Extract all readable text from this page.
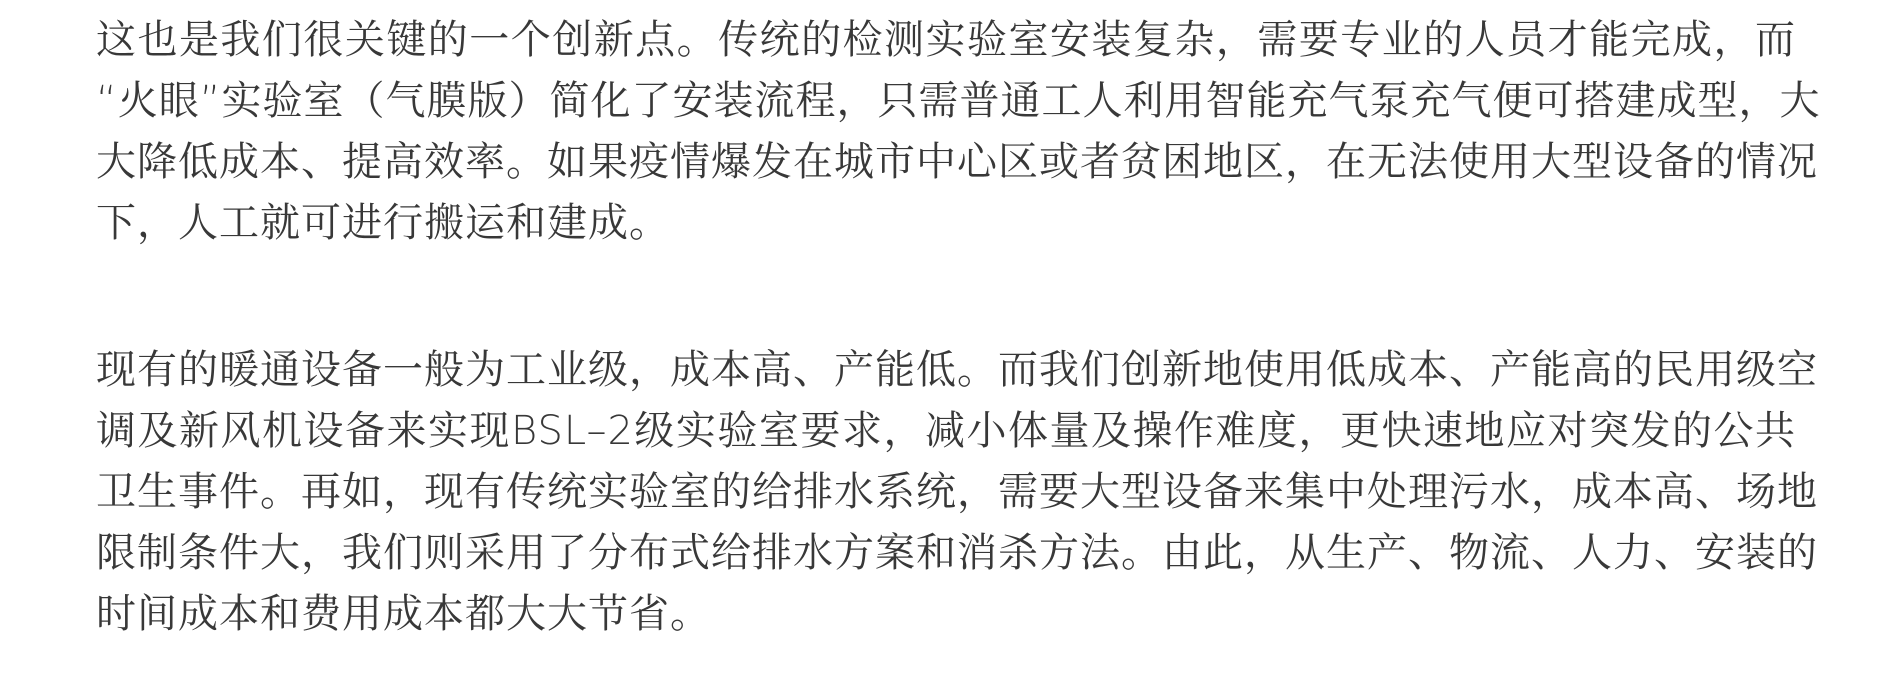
这也是我们很关键的一个创新点。传统的检测实验室安装复杂，需要专业的人员才能完成，而
“火眼”实验室（气膜版）简化了安装流程，只需普通工人利用智能充气泵充气便可搭建成型，大
大降低成本、提高效率。如果疫情爆发在城市中心区或者贫困地区，在无法使用大型设备的情况
下，人工就可进行搬运和建成。
现有的暖通设备一般为工业级，成本高、产能低。而我们创新地使用低成本、产能高的民用级空
调及新风机设备来实现BSL–2级实验室要求，减小体量及操作难度，更快速地应对突发的公共
卫生事件。再如，现有传统实验室的给排水系统，需要大型设备来集中处理污水，成本高、场地
限制条件大，我们则采用了分布式给排水方案和消杀方法。由此，从生产、物流、人力、安装的
时间成本和费用成本都大大节省。
